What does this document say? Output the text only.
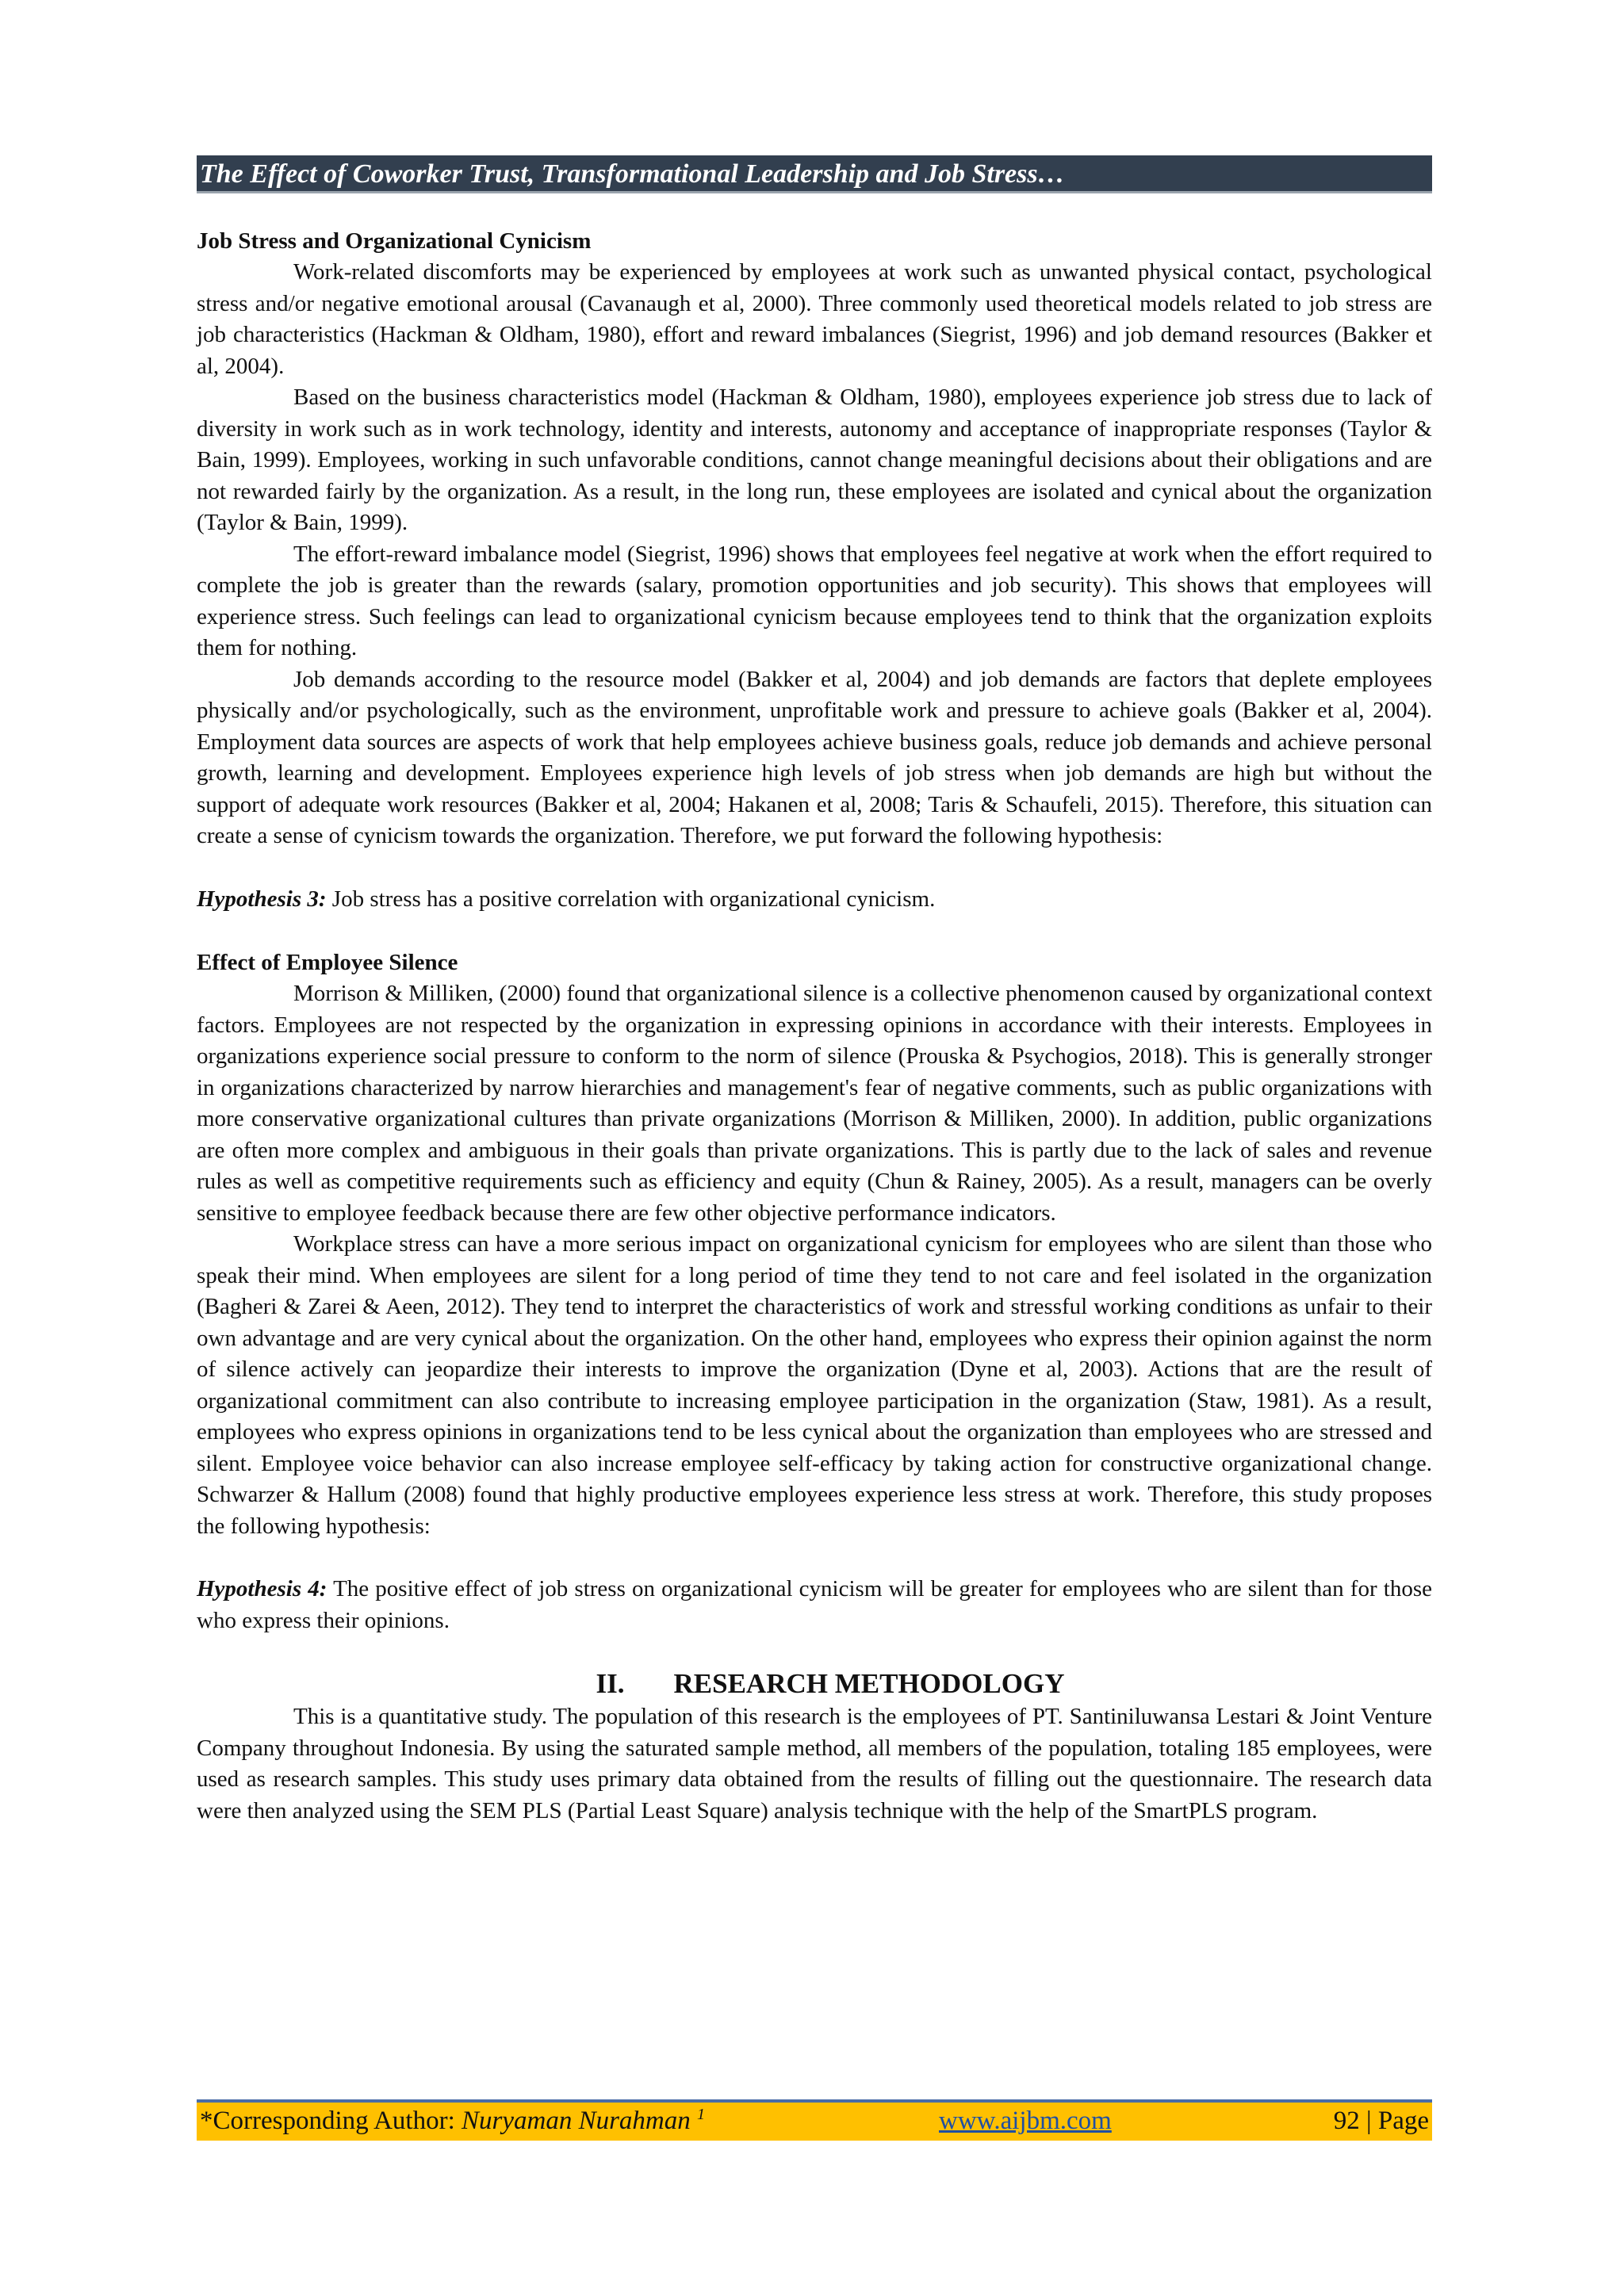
The Effect of Coworker Trust, Transformational Leadership and Job Stress…
Job Stress and Organizational Cynicism

Work-related discomforts may be experienced by employees at work such as unwanted physical contact, psychological stress and/or negative emotional arousal (Cavanaugh et al, 2000). Three commonly used theoretical models related to job stress are job characteristics (Hackman & Oldham, 1980), effort and reward imbalances (Siegrist, 1996) and job demand resources (Bakker et al, 2004).

Based on the business characteristics model (Hackman & Oldham, 1980), employees experience job stress due to lack of diversity in work such as in work technology, identity and interests, autonomy and acceptance of inappropriate responses (Taylor & Bain, 1999). Employees, working in such unfavorable conditions, cannot change meaningful decisions about their obligations and are not rewarded fairly by the organization. As a result, in the long run, these employees are isolated and cynical about the organization (Taylor & Bain, 1999).

The effort-reward imbalance model (Siegrist, 1996) shows that employees feel negative at work when the effort required to complete the job is greater than the rewards (salary, promotion opportunities and job security). This shows that employees will experience stress. Such feelings can lead to organizational cynicism because employees tend to think that the organization exploits them for nothing.

Job demands according to the resource model (Bakker et al, 2004) and job demands are factors that deplete employees physically and/or psychologically, such as the environment, unprofitable work and pressure to achieve goals (Bakker et al, 2004). Employment data sources are aspects of work that help employees achieve business goals, reduce job demands and achieve personal growth, learning and development. Employees experience high levels of job stress when job demands are high but without the support of adequate work resources (Bakker et al, 2004; Hakanen et al, 2008; Taris & Schaufeli, 2015). Therefore, this situation can create a sense of cynicism towards the organization. Therefore, we put forward the following hypothesis:

Hypothesis 3: Job stress has a positive correlation with organizational cynicism.

Effect of Employee Silence

Morrison & Milliken, (2000) found that organizational silence is a collective phenomenon caused by organizational context factors. Employees are not respected by the organization in expressing opinions in accordance with their interests. Employees in organizations experience social pressure to conform to the norm of silence (Prouska & Psychogios, 2018). This is generally stronger in organizations characterized by narrow hierarchies and management's fear of negative comments, such as public organizations with more conservative organizational cultures than private organizations (Morrison & Milliken, 2000). In addition, public organizations are often more complex and ambiguous in their goals than private organizations. This is partly due to the lack of sales and revenue rules as well as competitive requirements such as efficiency and equity (Chun & Rainey, 2005). As a result, managers can be overly sensitive to employee feedback because there are few other objective performance indicators.

Workplace stress can have a more serious impact on organizational cynicism for employees who are silent than those who speak their mind. When employees are silent for a long period of time they tend to not care and feel isolated in the organization (Bagheri & Zarei & Aeen, 2012). They tend to interpret the characteristics of work and stressful working conditions as unfair to their own advantage and are very cynical about the organization. On the other hand, employees who express their opinion against the norm of silence actively can jeopardize their interests to improve the organization (Dyne et al, 2003). Actions that are the result of organizational commitment can also contribute to increasing employee participation in the organization (Staw, 1981). As a result, employees who express opinions in organizations tend to be less cynical about the organization than employees who are stressed and silent. Employee voice behavior can also increase employee self-efficacy by taking action for constructive organizational change. Schwarzer & Hallum (2008) found that highly productive employees experience less stress at work. Therefore, this study proposes the following hypothesis:

Hypothesis 4: The positive effect of job stress on organizational cynicism will be greater for employees who are silent than for those who express their opinions.

II. RESEARCH METHODOLOGY

This is a quantitative study. The population of this research is the employees of PT. Santiniluwansa Lestari & Joint Venture Company throughout Indonesia. By using the saturated sample method, all members of the population, totaling 185 employees, were used as research samples. This study uses primary data obtained from the results of filling out the questionnaire. The research data were then analyzed using the SEM PLS (Partial Least Square) analysis technique with the help of the SmartPLS program.

*Corresponding Author: Nuryaman Nurahman $^1$	www.aijbm.com	92 | Page
